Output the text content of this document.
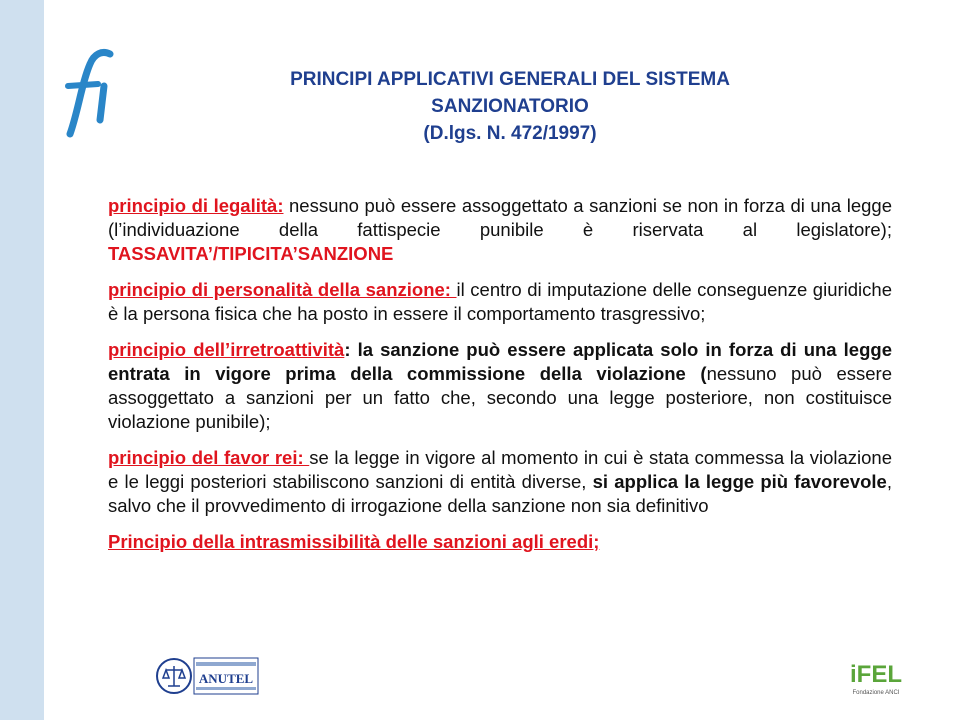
PRINCIPI APPLICATIVI GENERALI DEL SISTEMA
SANZIONATORIO
(D.lgs. N. 472/1997)

principio di legalità: nessuno può essere assoggettato a sanzioni se non in forza di una legge (l’individuazione della fattispecie punibile è riservata al legislatore);          TASSAVITA’/TIPICITA’SANZIONE

principio di personalità della sanzione: il centro di imputazione delle conseguenze giuridiche è la persona fisica che ha posto in essere il comportamento trasgressivo;

principio dell’irretroattività: la sanzione può essere applicata solo in forza di una legge entrata in vigore prima della commissione della violazione (nessuno può essere assoggettato a sanzioni per un fatto che, secondo una legge posteriore, non costituisce violazione punibile);

principio del favor rei: se la legge in vigore al momento in cui è stata commessa la violazione e le leggi posteriori stabiliscono sanzioni di entità diverse, si applica la legge più favorevole, salvo che il provvedimento di irrogazione della sanzione non sia definitivo

Principio della intrasmissibilità delle sanzioni agli eredi;

ANUTEL	iFEL
Fondazione ANCI
